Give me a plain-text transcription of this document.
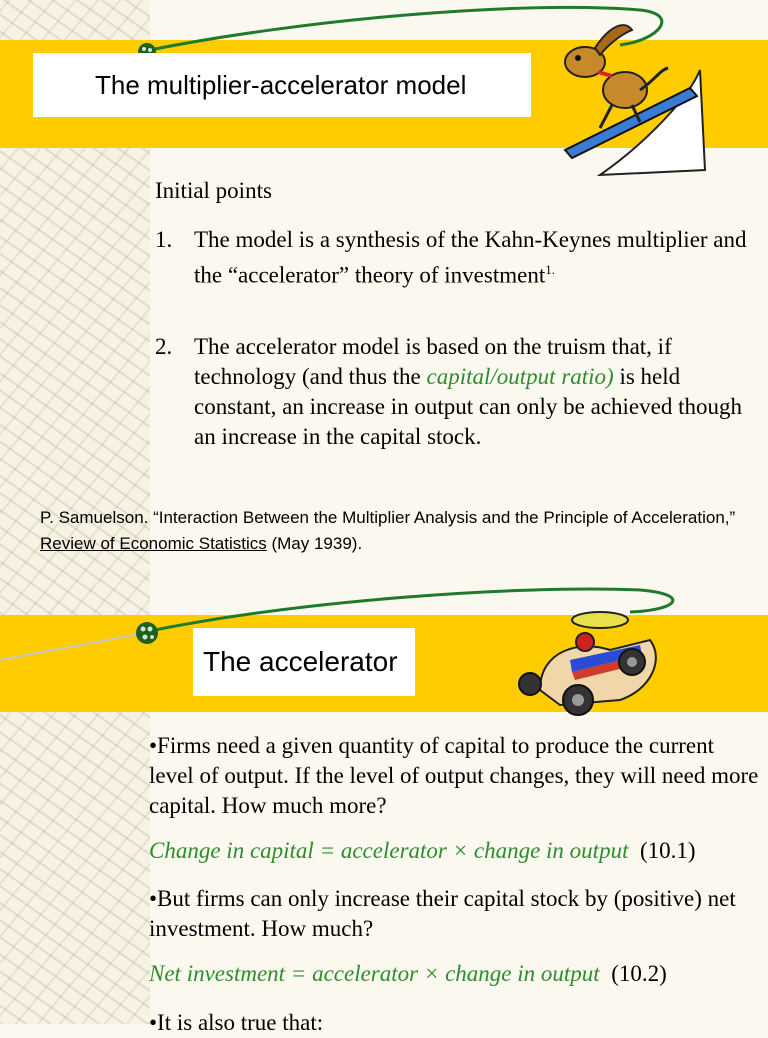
The multiplier-accelerator model
Initial points
1. The model is a synthesis of the Kahn-Keynes multiplier and the “accelerator” theory of investment$^{1.}$
2. The accelerator model is based on the truism that, if technology (and thus the capital/output ratio) is held constant, an increase in output can only be achieved though an increase in the capital stock.
P. Samuelson. “Interaction Between the Multiplier Analysis and the Principle of Acceleration,” Review of Economic Statistics (May 1939).
The accelerator
•Firms need a given quantity of capital to produce the current level of output. If the level of output changes, they will need more capital. How much more?
Change in capital = accelerator × change in output (10.1)
•But firms can only increase their capital stock by (positive) net investment. How much?
Net investment = accelerator × change in output (10.2)
•It is also true that:
